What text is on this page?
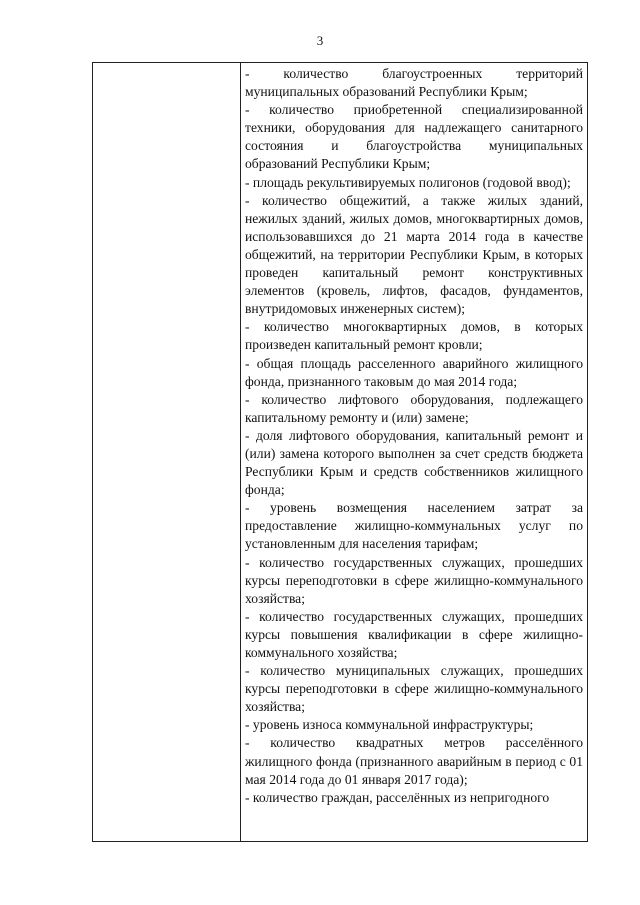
3

- количество благоустроенных территорий муниципальных образований Республики Крым;

- количество приобретенной специализированной техники, оборудования для надлежащего санитарного состояния и благоустройства муниципальных образований Республики Крым;

- площадь рекультивируемых полигонов (годовой ввод);

- количество общежитий, а также жилых зданий, нежилых зданий, жилых домов, многоквартирных домов, использовавшихся до 21 марта 2014 года в качестве общежитий, на территории Республики Крым, в которых проведен капитальный ремонт конструктивных элементов (кровель, лифтов, фасадов, фундаментов, внутридомовых инженерных систем);

- количество многоквартирных домов, в которых произведен капитальный ремонт кровли;

- общая площадь расселенного аварийного жилищного фонда, признанного таковым до мая 2014 года;

- количество лифтового оборудования, подлежащего капитальному ремонту и (или) замене;

- доля лифтового оборудования, капитальный ремонт и (или) замена которого выполнен за счет средств бюджета Республики Крым и средств собственников жилищного фонда;

- уровень возмещения населением затрат за предоставление жилищно-коммунальных услуг по установленным для населения тарифам;

- количество государственных служащих, прошедших курсы переподготовки в сфере жилищно-коммунального хозяйства;

- количество государственных служащих, прошедших курсы повышения квалификации в сфере жилищно-коммунального хозяйства;

- количество муниципальных служащих, прошедших курсы переподготовки в сфере жилищно-коммунального хозяйства;

- уровень износа коммунальной инфраструктуры;

- количество квадратных метров расселённого жилищного фонда (признанного аварийным в период с 01 мая 2014 года до 01 января 2017 года);

- количество граждан, расселённых из непригодного
